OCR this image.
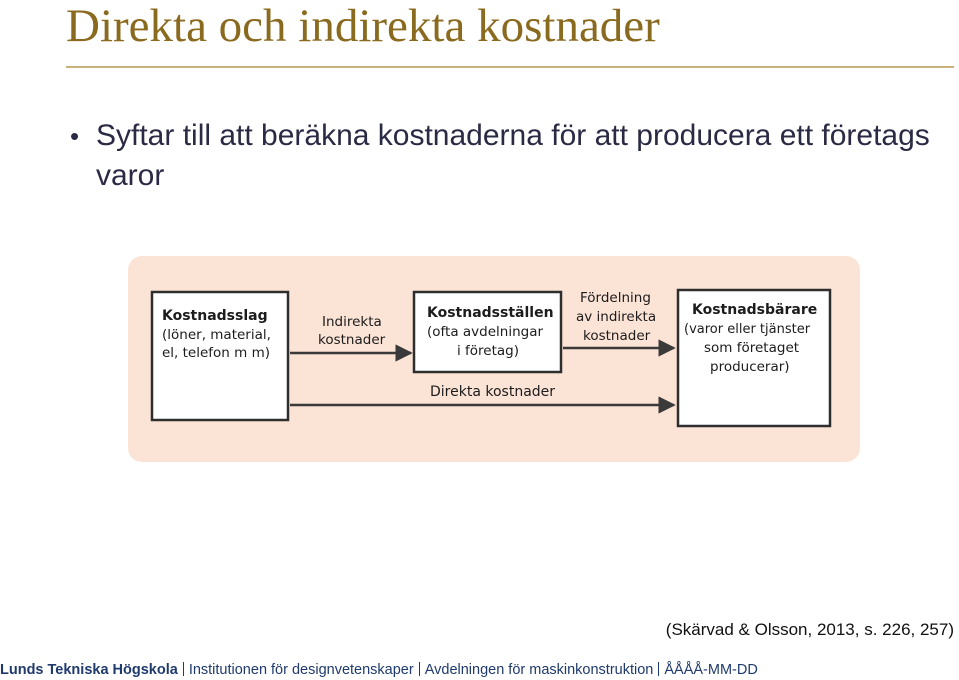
Direkta och indirekta kostnader
• Syftar till att beräkna kostnaderna för att producera ett företags varor
Kostnadsslag
(löner, material,
el, telefon m m)
Indirekta
kostnader
Kostnadsställen
(ofta avdelningar
i företag)
Fördelning
av indirekta
kostnader
Kostnadsbärare
(varor eller tjänster
som företaget
producerar)
Direkta kostnader
(Skärvad & Olsson, 2013, s. 226, 257)
Lunds Tekniska Högskola Institutionen för designvetenskaper Avdelningen för maskinkonstruktion ÅÅÅÅ-MM-DD
